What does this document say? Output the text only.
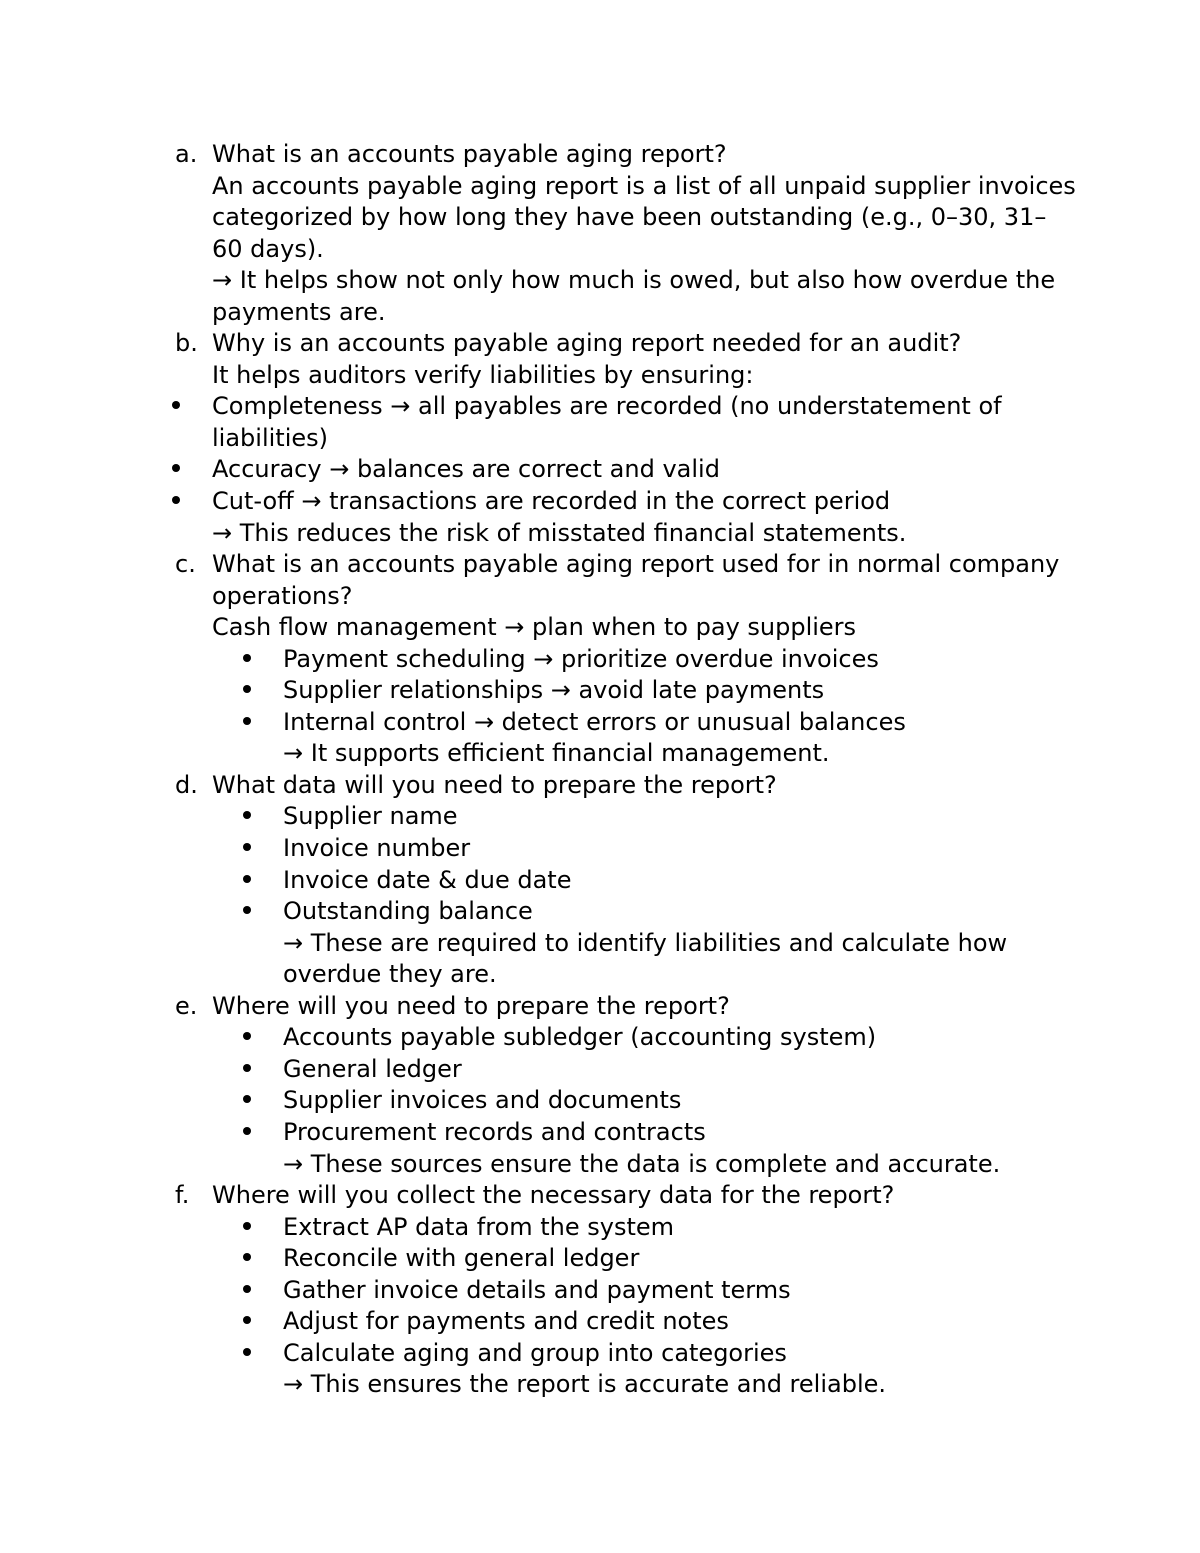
a. What is an accounts payable aging report?
An accounts payable aging report is a list of all unpaid supplier invoices
categorized by how long they have been outstanding (e.g., 0–30, 31–
60 days).
→ It helps show not only how much is owed, but also how overdue the
payments are.
b. Why is an accounts payable aging report needed for an audit?
It helps auditors verify liabilities by ensuring:
Completeness → all payables are recorded (no understatement of
liabilities)
Accuracy → balances are correct and valid
Cut-off → transactions are recorded in the correct period
→ This reduces the risk of misstated financial statements.
c. What is an accounts payable aging report used for in normal company
operations?
Cash flow management → plan when to pay suppliers
Payment scheduling → prioritize overdue invoices
Supplier relationships → avoid late payments
Internal control → detect errors or unusual balances
→ It supports efficient financial management.
d. What data will you need to prepare the report?
Supplier name
Invoice number
Invoice date & due date
Outstanding balance
→ These are required to identify liabilities and calculate how
overdue they are.
e. Where will you need to prepare the report?
Accounts payable subledger (accounting system)
General ledger
Supplier invoices and documents
Procurement records and contracts
→ These sources ensure the data is complete and accurate.
f. Where will you collect the necessary data for the report?
Extract AP data from the system
Reconcile with general ledger
Gather invoice details and payment terms
Adjust for payments and credit notes
Calculate aging and group into categories
→ This ensures the report is accurate and reliable.
